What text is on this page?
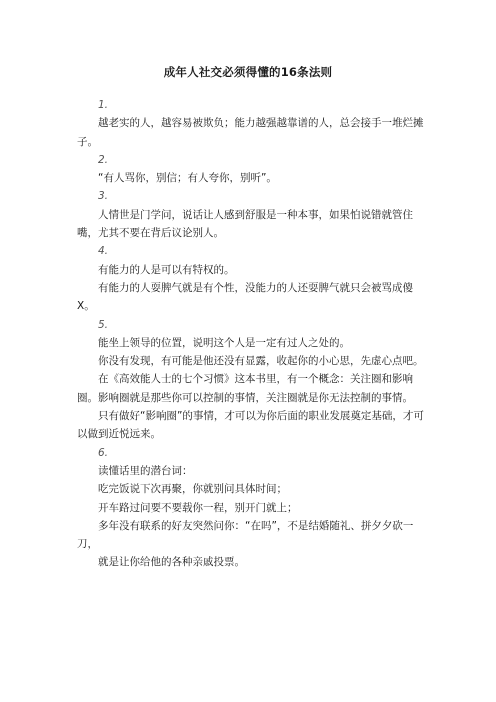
成年人社交必须得懂的16条法则

1.

越老实的人，越容易被欺负；能力越强越靠谱的人，总会接手一堆烂摊子。

2.

“有人骂你，别信；有人夸你，别听”。

3.

人情世是门学问，说话让人感到舒服是一种本事，如果怕说错就管住嘴，尤其不要在背后议论别人。

4.

有能力的人是可以有特权的。

有能力的人耍脾气就是有个性，没能力的人还耍脾气就只会被骂成傻X。

5.

能坐上领导的位置，说明这个人是一定有过人之处的。

你没有发现，有可能是他还没有显露，收起你的小心思，先虚心点吧。

在《高效能人士的七个习惯》这本书里，有一个概念：关注圈和影响圈。影响圈就是那些你可以控制的事情，关注圈就是你无法控制的事情。

只有做好“影响圈”的事情，才可以为你后面的职业发展奠定基础，才可以做到近悦远来。

6.

读懂话里的潜台词：

吃完饭说下次再聚，你就别问具体时间；

开车路过问要不要载你一程，别开门就上；

多年没有联系的好友突然问你：“在吗”，不是结婚随礼、拼夕夕砍一刀，

就是让你给他的各种亲戚投票。
